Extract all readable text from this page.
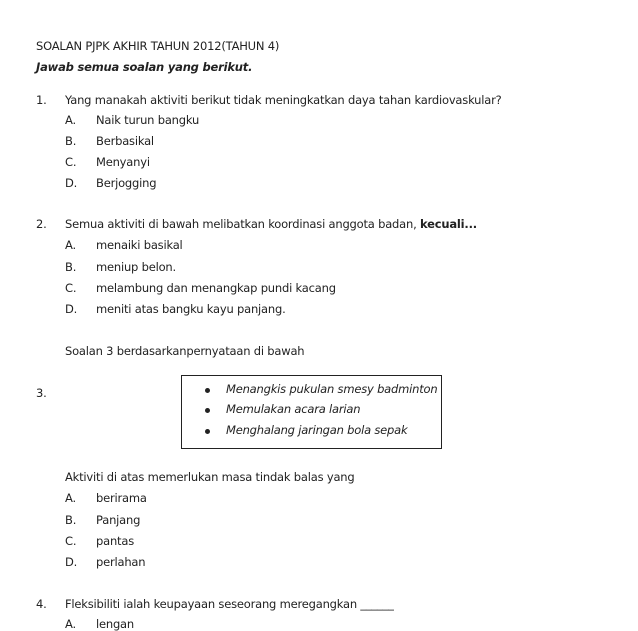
SOALAN PJPK AKHIR TAHUN 2012(TAHUN 4)
Jawab semua soalan yang berikut.
1. Yang manakah aktiviti berikut tidak meningkatkan daya tahan kardiovaskular?
A. Naik turun bangku
B. Berbasikal
C. Menyanyi
D. Berjogging
2. Semua aktiviti di bawah melibatkan koordinasi anggota badan, kecuali...
A. menaiki basikal
B. meniup belon.
C. melambung dan menangkap pundi kacang
D. meniti atas bangku kayu panjang.
Soalan 3 berdasarkanpernyataan di bawah
3.	Menangkis pukulan smesy badminton
Memulakan acara larian
Menghalang jaringan bola sepak
Aktiviti di atas memerlukan masa tindak balas yang
A. berirama
B. Panjang
C. pantas
D. perlahan
4. Fleksibiliti ialah keupayaan seseorang meregangkan ______
A. lengan
